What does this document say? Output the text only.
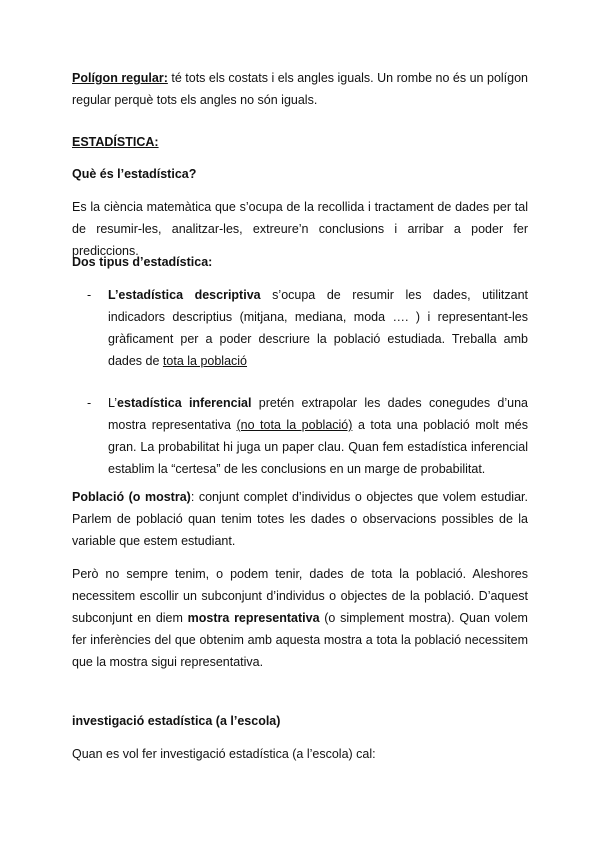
Polígon regular: té tots els costats i els angles iguals. Un rombe no és un polígon regular perquè tots els angles no són iguals.

ESTADÍSTICA:

Què és l’estadística?

Es la ciència matemàtica que s’ocupa de la recollida i tractament de dades per tal de resumir-les, analitzar-les, extreure’n conclusions i arribar a poder fer prediccions.

Dos tipus d’estadística:

-	L’estadística descriptiva s’ocupa de resumir les dades, utilitzant indicadors descriptius (mitjana, mediana, moda …. ) i representant-les gràficament per a poder descriure la població estudiada. Treballa amb dades de tota la població

-	L’estadística inferencial pretén extrapolar les dades conegudes d’una mostra representativa (no tota la població) a tota una població molt més gran. La probabilitat hi juga un paper clau. Quan fem estadística inferencial establim la “certesa” de les conclusions en un marge de probabilitat.

Població (o mostra): conjunt complet d’individus o objectes que volem estudiar. Parlem de població quan tenim totes les dades o observacions possibles de la variable que estem estudiant.

Però no sempre tenim, o podem tenir, dades de tota la població. Aleshores necessitem escollir un subconjunt d’individus o objectes de la població. D’aquest subconjunt en diem mostra representativa (o simplement mostra). Quan volem fer inferències del que obtenim amb aquesta mostra a tota la població necessitem que la mostra sigui representativa.

investigació estadística (a l’escola)

Quan es vol fer investigació estadística (a l’escola) cal:
